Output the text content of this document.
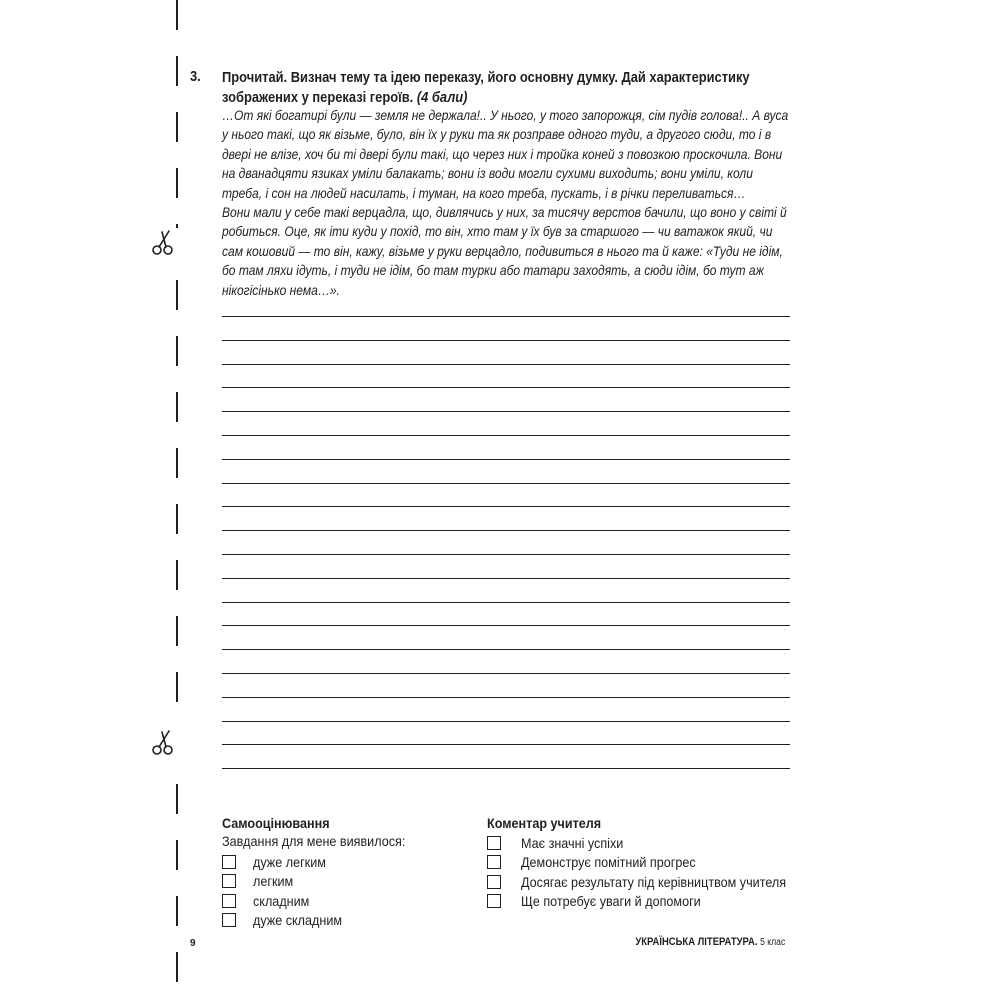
3. Прочитай. Визнач тему та ідею переказу, його основну думку. Дай характеристику зображених у переказі героїв. (4 бали)

…От які богатирі були — земля не держала!.. У нього, у того запорожця, сім пудів голова!.. А вуса у нього такі, що як візьме, було, він їх у руки та як розправе одного туди, а другого сюди, то і в двері не влізе, хоч би ті двері були такі, що через них і тройка коней з повозкою проскочила. Вони на дванадцяти язиках уміли балакать; вони із води могли сухими виходить; вони уміли, коли треба, і сон на людей насилать, і туман, на кого треба, пускать, і в річки переливаться…

Вони мали у себе такі верцадла, що, дивлячись у них, за тисячу верстов бачили, що воно у світі й робиться. Оце, як іти куди у похід, то він, хто там у їх був за старшого — чи ватажок який, чи сам кошовий — то він, кажу, візьме у руки верцадло, подивиться в нього та й каже: «Туди не ідім, бо там ляхи ідуть, і туди не ідім, бо там турки або татари заходять, а сюди ідім, бо тут аж нікогісінько нема…».

Самооцінювання
Завдання для мене виявилося:
дуже легким
легким
складним
дуже складним
Коментар учителя
Має значні успіхи
Демонструє помітний прогрес
Досягає результату під керівництвом учителя
Ще потребує уваги й допомоги
9	УКРАЇНСЬКА ЛІТЕРАТУРА. 5 клас
